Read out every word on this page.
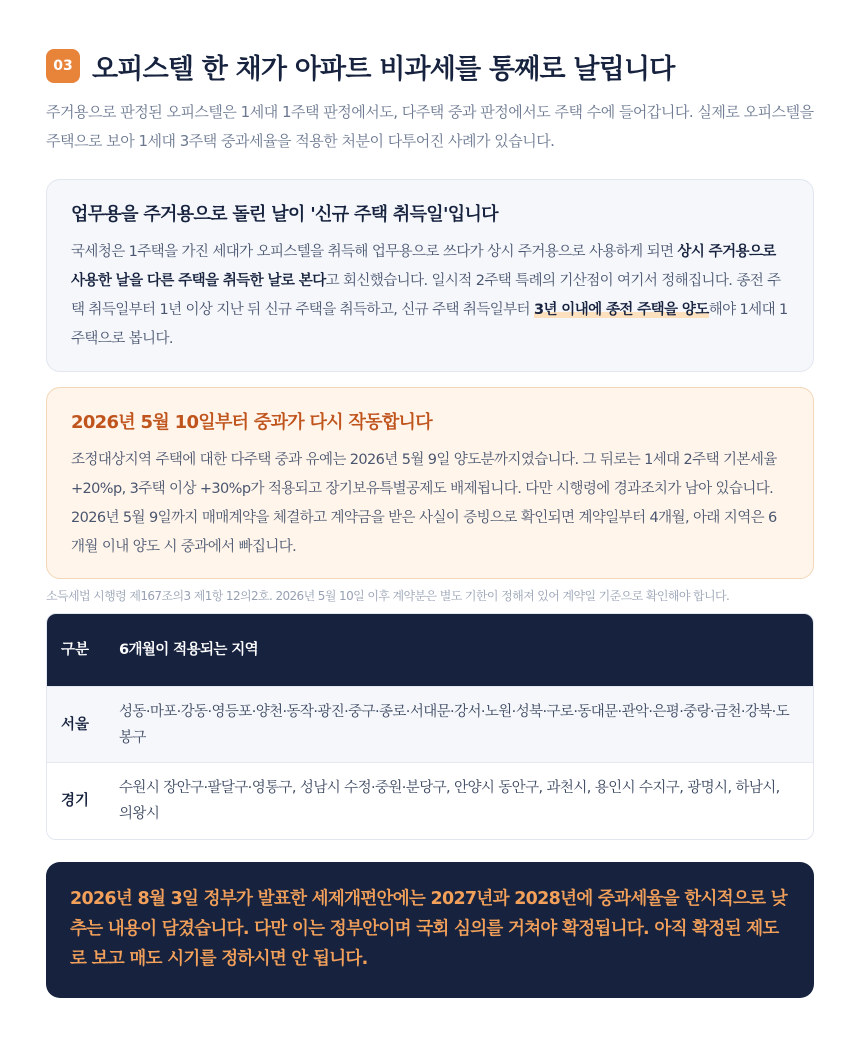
03 오피스텔 한 채가 아파트 비과세를 통째로 날립니다

주거용으로 판정된 오피스텔은 1세대 1주택 판정에서도, 다주택 중과 판정에서도 주택 수에 들어갑니다. 실제로 오피스텔을 주택으로 보아 1세대 3주택 중과세율을 적용한 처분이 다투어진 사례가 있습니다.

업무용을 주거용으로 돌린 날이 '신규 주택 취득일'입니다

국세청은 1주택을 가진 세대가 오피스텔을 취득해 업무용으로 쓰다가 상시 주거용으로 사용하게 되면 상시 주거용으로 사용한 날을 다른 주택을 취득한 날로 본다고 회신했습니다. 일시적 2주택 특례의 기산점이 여기서 정해집니다. 종전 주택 취득일부터 1년 이상 지난 뒤 신규 주택을 취득하고, 신규 주택 취득일부터 3년 이내에 종전 주택을 양도해야 1세대 1주택으로 봅니다.

2026년 5월 10일부터 중과가 다시 작동합니다

조정대상지역 주택에 대한 다주택 중과 유예는 2026년 5월 9일 양도분까지였습니다. 그 뒤로는 1세대 2주택 기본세율 +20%p, 3주택 이상 +30%p가 적용되고 장기보유특별공제도 배제됩니다. 다만 시행령에 경과조치가 남아 있습니다. 2026년 5월 9일까지 매매계약을 체결하고 계약금을 받은 사실이 증빙으로 확인되면 계약일부터 4개월, 아래 지역은 6개월 이내 양도 시 중과에서 빠집니다.

소득세법 시행령 제167조의3 제1항 12의2호. 2026년 5월 10일 이후 계약분은 별도 기한이 정해져 있어 계약일 기준으로 확인해야 합니다.

구분	6개월이 적용되는 지역
서울
성동·마포·강동·영등포·양천·동작·광진·중구·종로·서대문·강서·노원·성북·구로·동대문·관악·은평·중랑·금천·강북·도봉구
경기
수원시 장안구·팔달구·영통구, 성남시 수정·중원·분당구, 안양시 동안구, 과천시, 용인시 수지구, 광명시, 하남시, 의왕시

2026년 8월 3일 정부가 발표한 세제개편안에는 2027년과 2028년에 중과세율을 한시적으로 낮추는 내용이 담겼습니다. 다만 이는 정부안이며 국회 심의를 거쳐야 확정됩니다. 아직 확정된 제도로 보고 매도 시기를 정하시면 안 됩니다.
